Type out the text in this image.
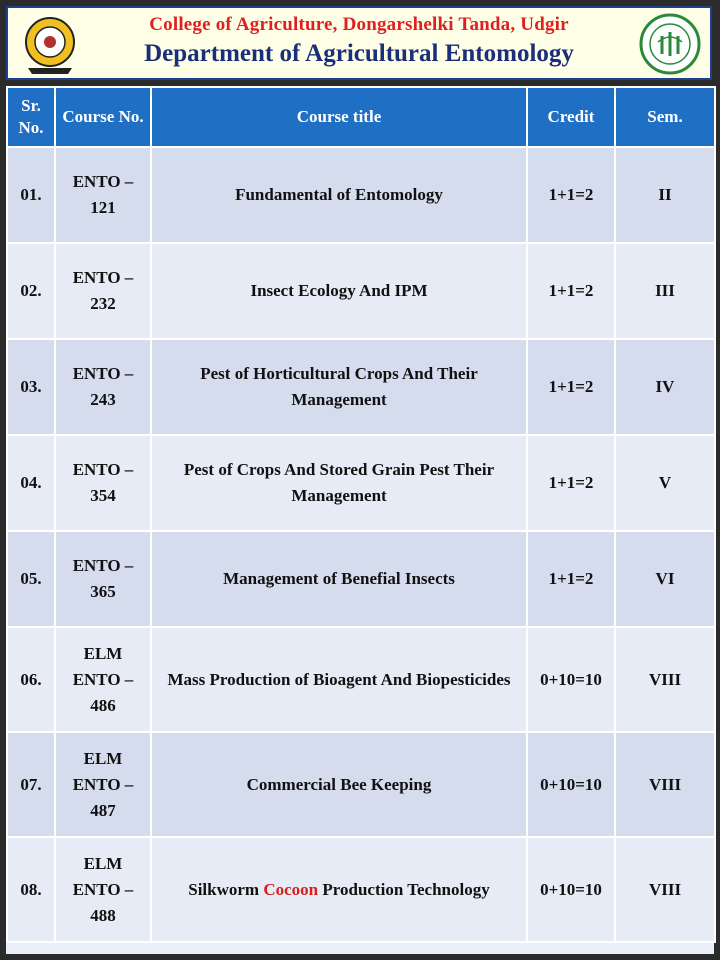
College of Agriculture, Dongarshelki Tanda, Udgir
Department of Agricultural Entomology
Sr. No.	Course No.	Course title	Credit	Sem.
01.	ENTO – 121	Fundamental of Entomology	1+1=2	II
02.	ENTO – 232	Insect Ecology And IPM	1+1=2	III
03.	ENTO – 243	Pest of Horticultural Crops And Their Management	1+1=2	IV
04.	ENTO – 354	Pest of Crops And Stored Grain Pest Their Management	1+1=2	V
05.	ENTO – 365	Management of Benefial Insects	1+1=2	VI
06.	ELM ENTO – 486	Mass Production of Bioagent And Biopesticides	0+10=10	VIII
07.	ELM ENTO – 487	Commercial Bee Keeping	0+10=10	VIII
08.	ELM ENTO – 488	Silkworm Cocoon Production Technology	0+10=10	VIII
